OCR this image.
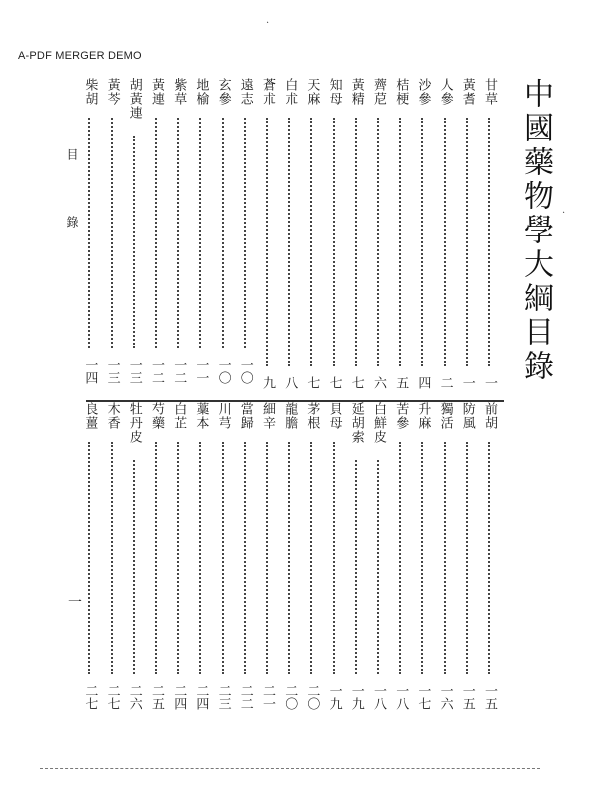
A-PDF MERGER DEMO
中國藥物學大綱目錄
目　錄
甘草
一
黃耆
一
人參
二
沙參
四
桔梗
五
薺苨
六
黃精
七
知母
七
天麻
七
白朮
八
蒼朮
九
遠志
一〇
玄參
一〇
地榆
一一
紫草
一二
黃連
一二
胡黃連
一三
黃芩
一三
柴胡
一四
前胡
一五
防風
一五
獨活
一六
升麻
一七
苦參
一八
白鮮皮
一八
延胡索
一九
貝母
一九
茅根
二〇
龍膽
二〇
細辛
二一
當歸
二二
川芎
二三
藁本
二四
白芷
二四
芍藥
二五
牡丹皮
二六
木香
二七
良薑
二七
一
·
·
